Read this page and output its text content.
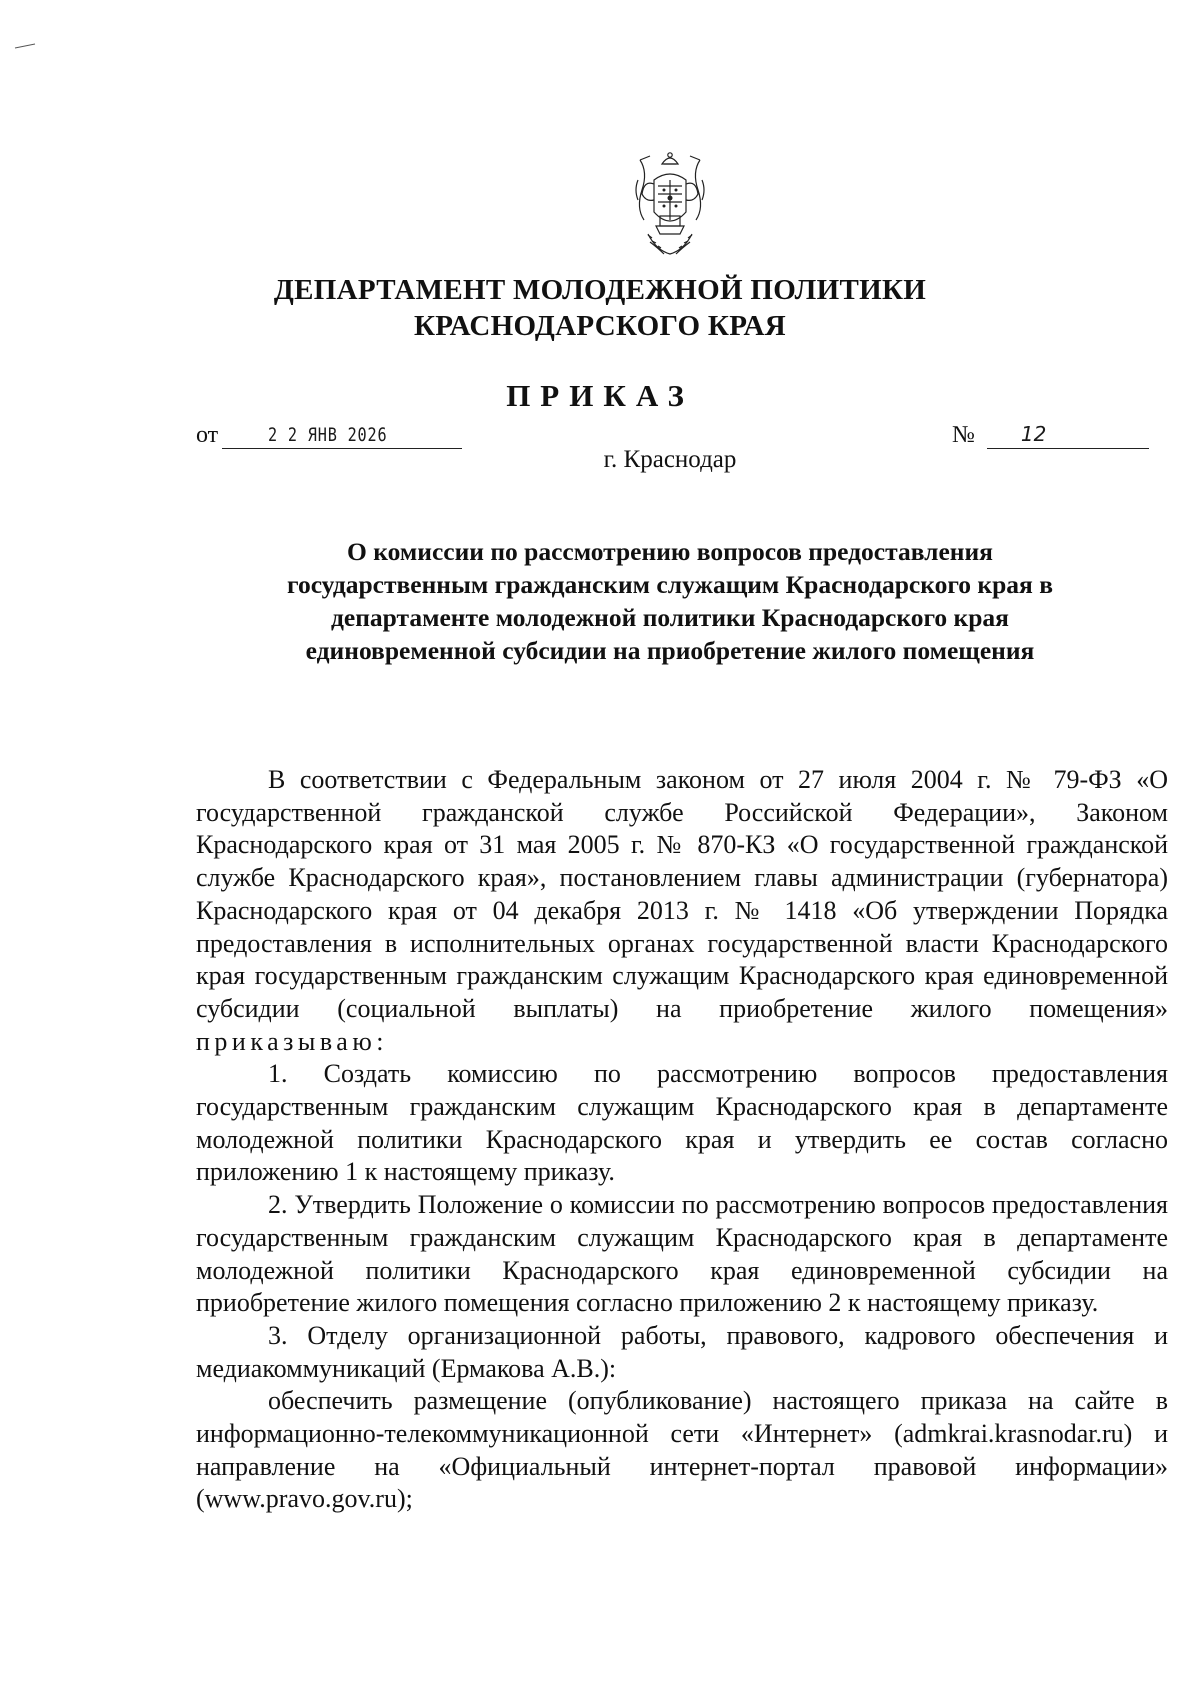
ДЕПАРТАМЕНТ МОЛОДЕЖНОЙ ПОЛИТИКИ
КРАСНОДАРСКОГО КРАЯ
ПРИКАЗ
от	2 2 ЯНВ 2026	№ 12
г. Краснодар
О комиссии по рассмотрению вопросов предоставления государственным гражданским служащим Краснодарского края в департаменте молодежной политики Краснодарского края единовременной субсидии на приобретение жилого помещения

В соответствии с Федеральным законом от 27 июля 2004 г. № 79-ФЗ «О государственной гражданской службе Российской Федерации», Законом Краснодарского края от 31 мая 2005 г. № 870-КЗ «О государственной гражданской службе Краснодарского края», постановлением главы администрации (губернатора) Краснодарского края от 04 декабря 2013 г. № 1418 «Об утверждении Порядка предоставления в исполнительных органах государственной власти Краснодарского края государственным гражданским служащим Краснодарского края единовременной субсидии (социальной выплаты) на приобретение жилого помещения» приказываю:

1. Создать комиссию по рассмотрению вопросов предоставления государственным гражданским служащим Краснодарского края в департаменте молодежной политики Краснодарского края и утвердить ее состав согласно приложению 1 к настоящему приказу.

2. Утвердить Положение о комиссии по рассмотрению вопросов предоставления государственным гражданским служащим Краснодарского края в департаменте молодежной политики Краснодарского края единовременной субсидии на приобретение жилого помещения согласно приложению 2 к настоящему приказу.

3. Отделу организационной работы, правового, кадрового обеспечения и медиакоммуникаций (Ермакова А.В.):

обеспечить размещение (опубликование) настоящего приказа на сайте в информационно-телекоммуникационной сети «Интернет» (admkrai.krasnodar.ru) и направление на «Официальный интернет-портал правовой информации» (www.pravo.gov.ru);
